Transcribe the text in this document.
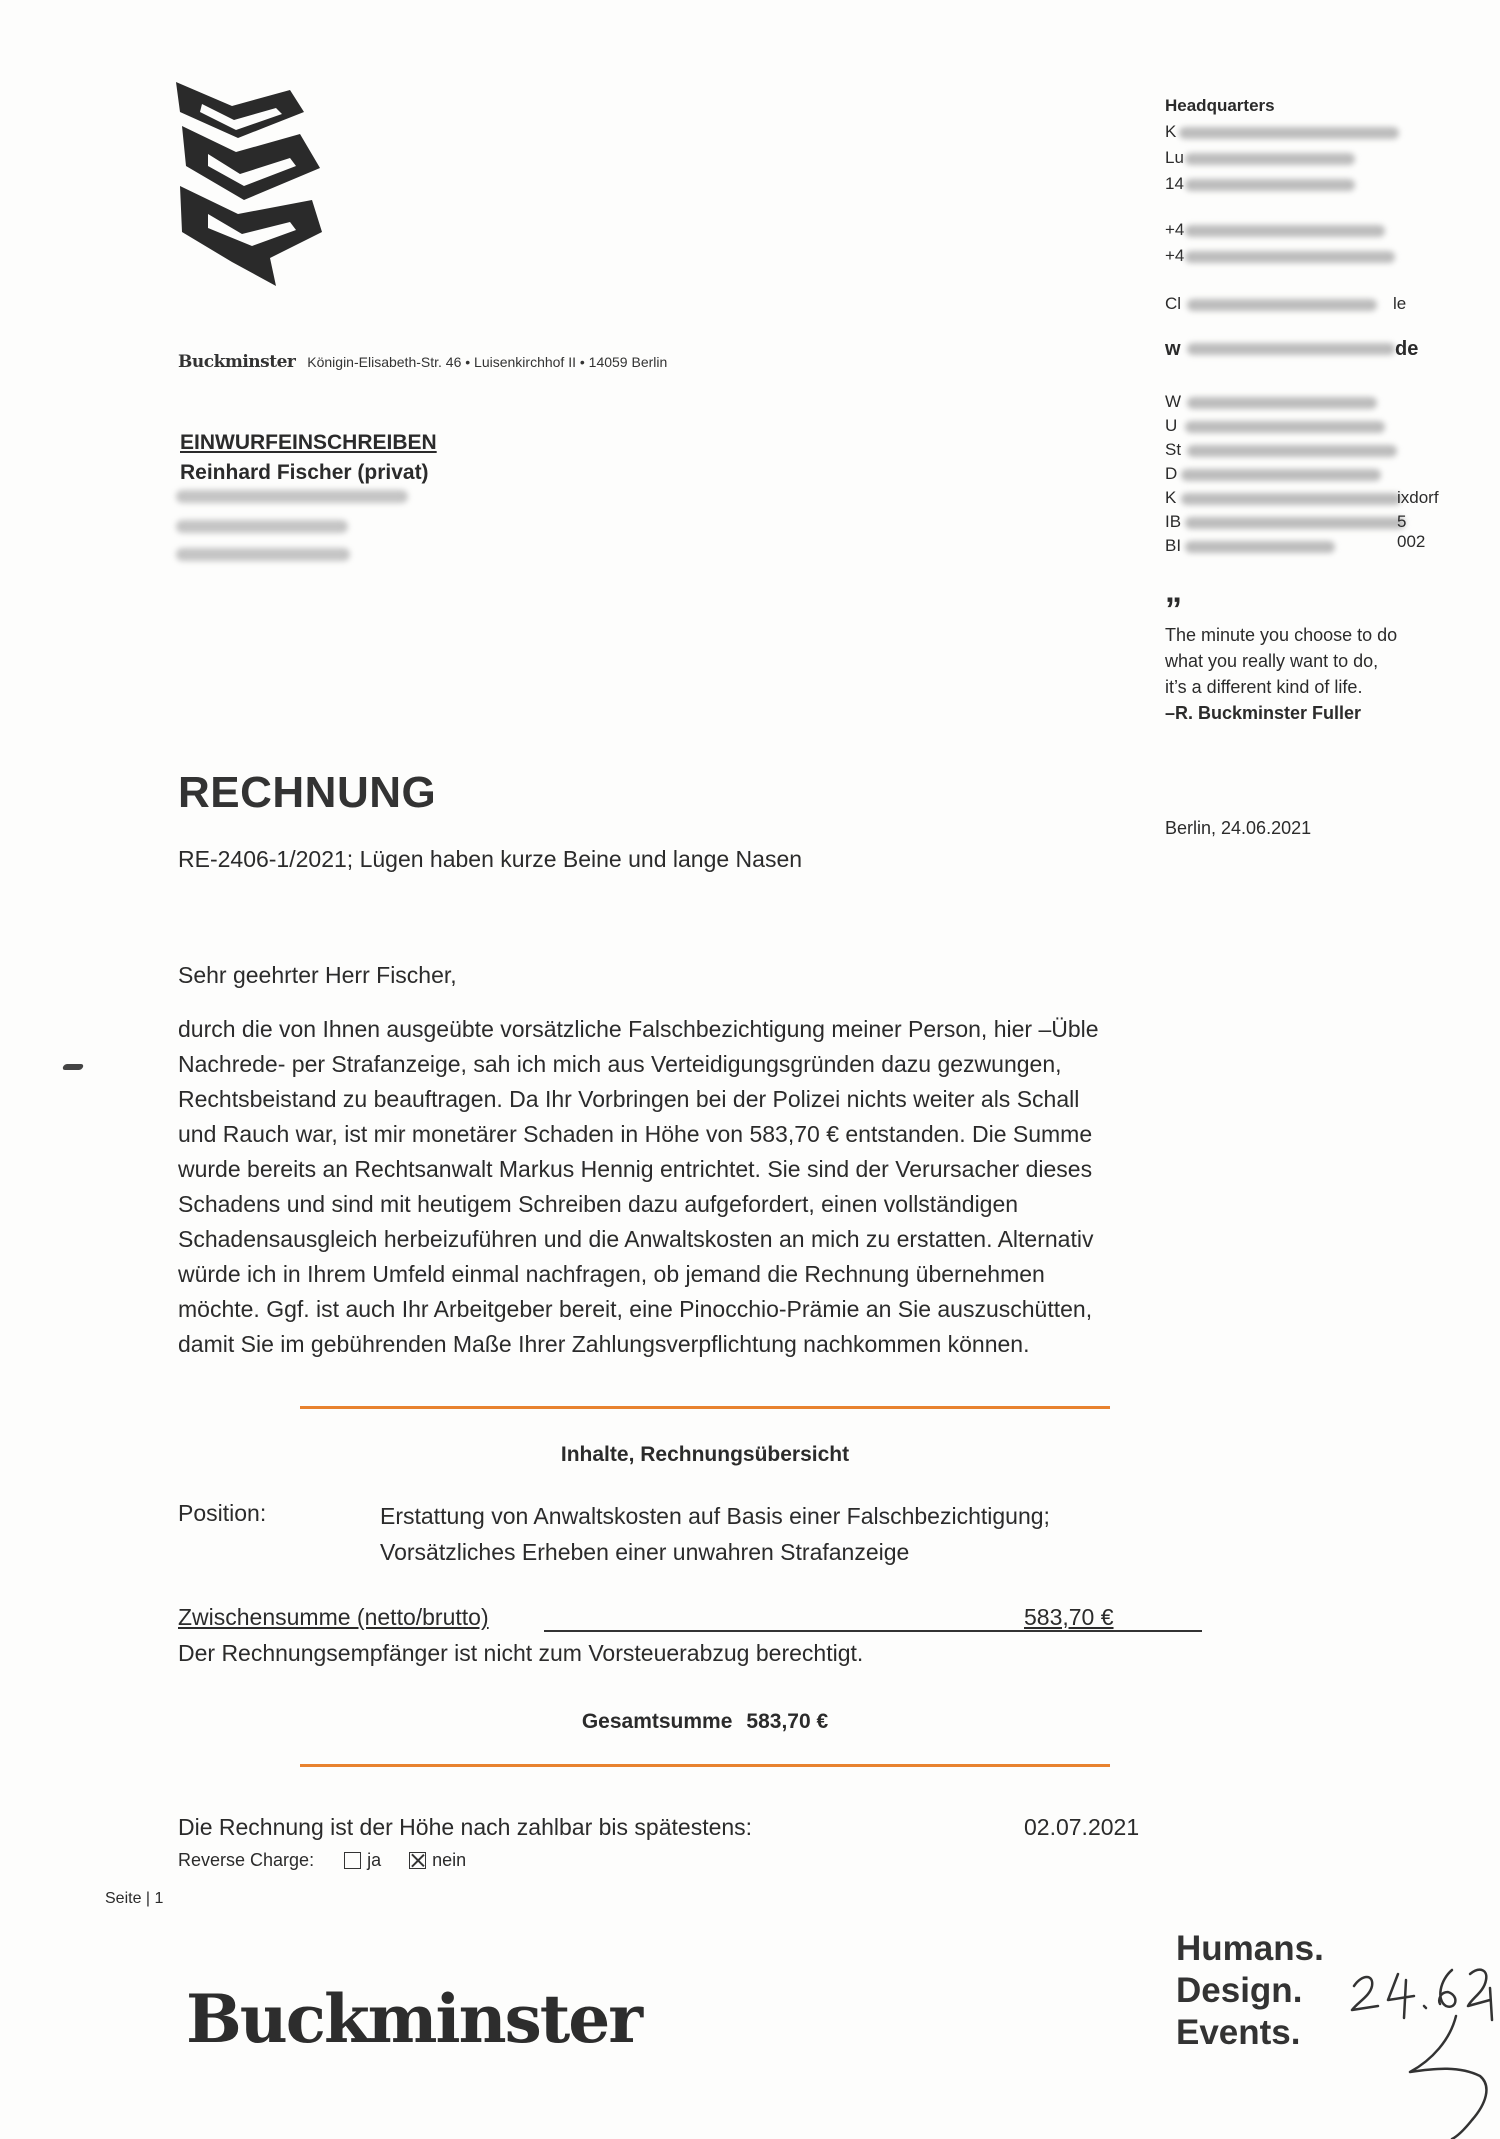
Buckminster Königin-Elisabeth-Str. 46 • Luisenkirchhof II • 14059 Berlin
EINWURFEINSCHREIBEN
Reinhard Fischer (privat)
Headquarters
K
Lu
14
+4
+4
Cl	le
w	de
W
U
St
D
K	ixdorf
IB	5 002
BI
”
The minute you choose to do
what you really want to do,
it’s a different kind of life.
–R. Buckminster Fuller
RECHNUNG
RE-2406-1/2021; Lügen haben kurze Beine und lange Nasen
Berlin, 24.06.2021
Sehr geehrter Herr Fischer,
durch die von Ihnen ausgeübte vorsätzliche Falschbezichtigung meiner Person, hier –Üble
Nachrede- per Strafanzeige, sah ich mich aus Verteidigungsgründen dazu gezwungen,
Rechtsbeistand zu beauftragen. Da Ihr Vorbringen bei der Polizei nichts weiter als Schall
und Rauch war, ist mir monetärer Schaden in Höhe von 583,70 € entstanden. Die Summe
wurde bereits an Rechtsanwalt Markus Hennig entrichtet. Sie sind der Verursacher dieses
Schadens und sind mit heutigem Schreiben dazu aufgefordert, einen vollständigen
Schadensausgleich herbeizuführen und die Anwaltskosten an mich zu erstatten. Alternativ
würde ich in Ihrem Umfeld einmal nachfragen, ob jemand die Rechnung übernehmen
möchte. Ggf. ist auch Ihr Arbeitgeber bereit, eine Pinocchio-Prämie an Sie auszuschütten,
damit Sie im gebührenden Maße Ihrer Zahlungsverpflichtung nachkommen können.
Inhalte, Rechnungsübersicht
Position:	Erstattung von Anwaltskosten auf Basis einer Falschbezichtigung;
Vorsätzliches Erheben einer unwahren Strafanzeige
Zwischensumme (netto/brutto)	583,70 €
Der Rechnungsempfänger ist nicht zum Vorsteuerabzug berechtigt.
Gesamtsumme 583,70 €
Die Rechnung ist der Höhe nach zahlbar bis spätestens:	02.07.2021
Reverse Charge:	ja	nein
Seite | 1
Buckminster
Humans.
Design.
Events.
